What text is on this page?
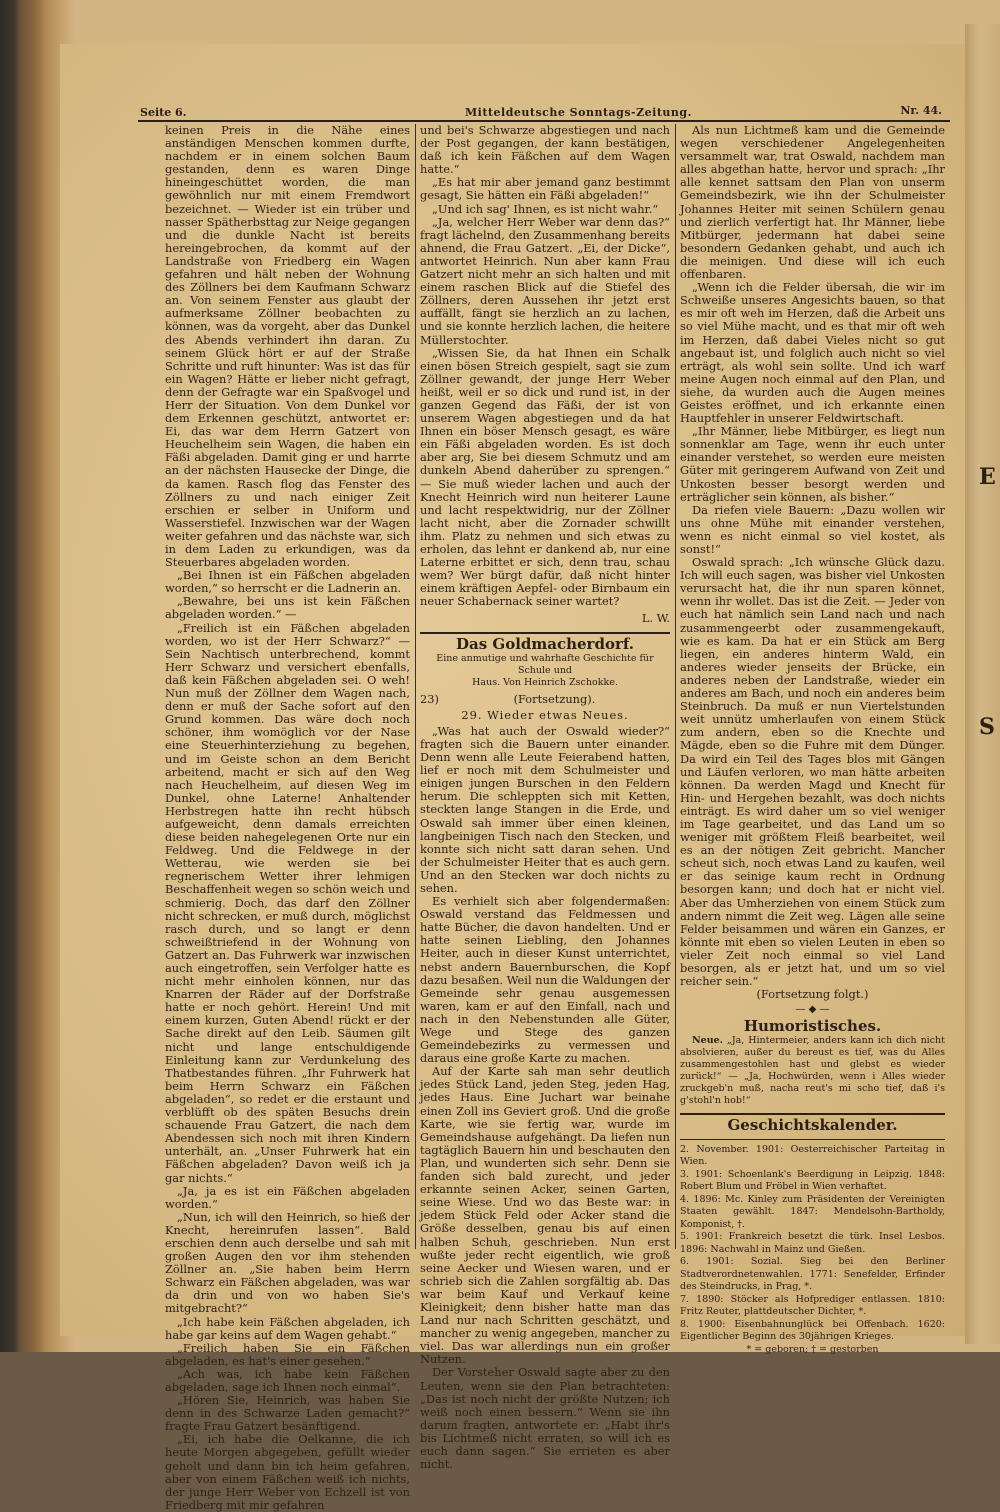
E
S
Seite 6.	Mitteldeutsche Sonntags-Zeitung.	Nr. 44.

keinen Preis in die Nähe eines anständigen Menschen kommen durfte, nachdem er in einem solchen Baum gestanden, denn es waren Dinge hineingeschüttet worden, die man gewöhnlich nur mit einem Fremdwort bezeichnet. — Wieder ist ein trüber und nasser Spätherbsttag zur Neige gegangen und die dunkle Nacht ist bereits hereingebrochen, da kommt auf der Landstraße von Friedberg ein Wagen gefahren und hält neben der Wohnung des Zöllners bei dem Kaufmann Schwarz an. Von seinem Fenster aus glaubt der aufmerksame Zöllner beobachten zu können, was da vorgeht, aber das Dunkel des Abends verhindert ihn daran. Zu seinem Glück hört er auf der Straße Schritte und ruft hinunter: Was ist das für ein Wagen? Hätte er lieber nicht gefragt, denn der Gefragte war ein Spaßvogel und Herr der Situation. Von dem Dunkel vor dem Erkennen geschützt, antwortet er: Ei, das war dem Herrn Gatzert von Heuchelheim sein Wagen, die haben ein Fäßi abgeladen. Damit ging er und harrte an der nächsten Hausecke der Dinge, die da kamen. Rasch flog das Fenster des Zöllners zu und nach einiger Zeit erschien er selber in Uniform und Wasserstiefel. Inzwischen war der Wagen weiter gefahren und das nächste war, sich in dem Laden zu erkundigen, was da Steuerbares abgeladen worden.

„Bei Ihnen ist ein Fäßchen abgeladen worden,“ so herrscht er die Ladnerin an.

„Bewahre, bei uns ist kein Fäßchen abgeladen worden.“ —

„Freilich ist ein Fäßchen abgeladen worden, wo ist der Herr Schwarz?“ — Sein Nachtisch unterbrechend, kommt Herr Schwarz und versichert ebenfalls, daß kein Fäßchen abgeladen sei. O weh! Nun muß der Zöllner dem Wagen nach, denn er muß der Sache sofort auf den Grund kommen. Das wäre doch noch schöner, ihm womöglich vor der Nase eine Steuerhinterziehung zu begehen, und im Geiste schon an dem Bericht arbeitend, macht er sich auf den Weg nach Heuchelheim, auf diesen Weg im Dunkel, ohne Laterne! Anhaltender Herbstregen hatte ihn recht hübsch aufgeweicht, denn damals erreichten diese beiden nahegelegenen Orte nur ein Feldweg. Und die Feldwege in der Wetterau, wie werden sie bei regnerischem Wetter ihrer lehmigen Beschaffenheit wegen so schön weich und schmierig. Doch, das darf den Zöllner nicht schrecken, er muß durch, möglichst rasch durch, und so langt er denn schweißtriefend in der Wohnung von Gatzert an. Das Fuhrwerk war inzwischen auch eingetroffen, sein Verfolger hatte es nicht mehr einholen können, nur das Knarren der Räder auf der Dorfstraße hatte er noch gehört. Herein! Und mit einem kurzen, Guten Abend! rückt er der Sache direkt auf den Leib. Säumen gilt nicht und lange entschuldigende Einleitung kann zur Verdunkelung des Thatbestandes führen. „Ihr Fuhrwerk hat beim Herrn Schwarz ein Fäßchen abgeladen“, so redet er die erstaunt und verblüfft ob des späten Besuchs drein schauende Frau Gatzert, die nach dem Abendessen sich noch mit ihren Kindern unterhält, an. „Unser Fuhrwerk hat ein Fäßchen abgeladen? Davon weiß ich ja gar nichts.“

„Ja, ja es ist ein Fäßchen abgeladen worden.“

„Nun, ich will den Heinrich, so hieß der Knecht, hereinrufen lassen“. Bald erschien denn auch derselbe und sah mit großen Augen den vor ihm stehenden Zöllner an. „Sie haben beim Herrn Schwarz ein Fäßchen abgeladen, was war da drin und von wo haben Sie's mitgebracht?“

„Ich habe kein Fäßchen abgeladen, ich habe gar keins auf dem Wagen gehabt.“

„Freilich haben Sie ein Fäßchen abgeladen, es hat's einer gesehen.“

„Ach was, ich habe kein Fäßchen abgeladen, sage ich Ihnen noch einmal“.

„Hören Sie, Heinrich, was haben Sie denn in des Schwarze Laden gemacht?“ fragte Frau Gatzert besänftigend.

„Ei, ich habe die Oelkanne, die ich heute Morgen abgegeben, gefüllt wieder geholt und dann bin ich heim gefahren, aber von einem Fäßchen weiß ich nichts, der junge Herr Weber von Echzell ist von Friedberg mit mir gefahren

und bei's Schwarze abgestiegen und nach der Post gegangen, der kann bestätigen, daß ich kein Fäßchen auf dem Wagen hatte.“

„Es hat mir aber jemand ganz bestimmt gesagt, Sie hätten ein Fäßi abgeladen!“

„Und ich sag' Ihnen, es ist nicht wahr.“

„Ja, welcher Herr Weber war denn das?“ fragt lächelnd, den Zusammenhang bereits ahnend, die Frau Gatzert. „Ei, der Dicke“, antwortet Heinrich. Nun aber kann Frau Gatzert nicht mehr an sich halten und mit einem raschen Blick auf die Stiefel des Zöllners, deren Aussehen ihr jetzt erst auffällt, fängt sie herzlich an zu lachen, und sie konnte herzlich lachen, die heitere Müllerstochter.

„Wissen Sie, da hat Ihnen ein Schalk einen bösen Streich gespielt, sagt sie zum Zöllner gewandt, der junge Herr Weber heißt, weil er so dick und rund ist, in der ganzen Gegend das Fäßi, der ist von unserem Wagen abgestiegen und da hat Ihnen ein böser Mensch gesagt, es wäre ein Fäßi abgeladen worden. Es ist doch aber arg, Sie bei diesem Schmutz und am dunkeln Abend daherüber zu sprengen.“ — Sie muß wieder lachen und auch der Knecht Heinrich wird nun heiterer Laune und lacht respektwidrig, nur der Zöllner lacht nicht, aber die Zornader schwillt ihm. Platz zu nehmen und sich etwas zu erholen, das lehnt er dankend ab, nur eine Laterne erbittet er sich, denn trau, schau wem? Wer bürgt dafür, daß nicht hinter einem kräftigen Aepfel- oder Birnbaum ein neuer Schabernack seiner wartet?

L. W.
Das Goldmacherdorf.
Eine anmutige und wahrhafte Geschichte für Schule und
Haus. Von Heinrich Zschokke.
23)	(Fortsetzung).
29. Wieder etwas Neues.

„Was hat auch der Oswald wieder?“ fragten sich die Bauern unter einander. Denn wenn alle Leute Feierabend hatten, lief er noch mit dem Schulmeister und einigen jungen Burschen in den Feldern herum. Die schleppten sich mit Ketten, steckten lange Stangen in die Erde, und Oswald sah immer über einen kleinen, langbeinigen Tisch nach den Stecken, und konnte sich nicht satt daran sehen. Und der Schulmeister Heiter that es auch gern. Und an den Stecken war doch nichts zu sehen.

Es verhielt sich aber folgendermaßen: Oswald verstand das Feldmessen und hatte Bücher, die davon handelten. Und er hatte seinen Liebling, den Johannes Heiter, auch in dieser Kunst unterrichtet, nebst andern Bauernburschen, die Kopf dazu besaßen. Weil nun die Waldungen der Gemeinde sehr genau ausgemessen waren, kam er auf den Einfall, nach und nach in den Nebenstunden alle Güter, Wege und Stege des ganzen Gemeindebezirks zu vermessen und daraus eine große Karte zu machen.

Auf der Karte sah man sehr deutlich jedes Stück Land, jeden Steg, jeden Hag, jedes Haus. Eine Juchart war beinahe einen Zoll ins Geviert groß. Und die große Karte, wie sie fertig war, wurde im Gemeindshause aufgehängt. Da liefen nun tagtäglich Bauern hin und beschauten den Plan, und wunderten sich sehr. Denn sie fanden sich bald zurecht, und jeder erkannte seinen Acker, seinen Garten, seine Wiese. Und wo das Beste war: in jedem Stück Feld oder Acker stand die Größe desselben, genau bis auf einen halben Schuh, geschrieben. Nun erst wußte jeder recht eigentlich, wie groß seine Aecker und Wiesen waren, und er schrieb sich die Zahlen sorgfältig ab. Das war beim Kauf und Verkauf keine Kleinigkeit; denn bisher hatte man das Land nur nach Schritten geschätzt, und mancher zu wenig angegeben, mancher zu viel. Das war allerdings nun ein großer Nutzen.

Der Vorsteher Oswald sagte aber zu den Leuten, wenn sie den Plan betrachteten: „Das ist noch nicht der größte Nutzen; ich weiß noch einen bessern.“ Wenn sie ihn darum fragten, antwortete er: „Habt ihr's bis Lichtmeß nicht erraten, so will ich es euch dann sagen.“ Sie errieten es aber nicht.

Als nun Lichtmeß kam und die Gemeinde wegen verschiedener Angelegenheiten versammelt war, trat Oswald, nachdem man alles abgethan hatte, hervor und sprach: „Ihr alle kennet sattsam den Plan von unserm Gemeindsbezirk, wie ihn der Schulmeister Johannes Heiter mit seinen Schülern genau und zierlich verfertigt hat. Ihr Männer, liebe Mitbürger, jedermann hat dabei seine besondern Gedanken gehabt, und auch ich die meinigen. Und diese will ich euch offenbaren.

„Wenn ich die Felder übersah, die wir im Schweiße unseres Angesichts bauen, so that es mir oft weh im Herzen, daß die Arbeit uns so viel Mühe macht, und es that mir oft weh im Herzen, daß dabei Vieles nicht so gut angebaut ist, und folglich auch nicht so viel erträgt, als wohl sein sollte. Und ich warf meine Augen noch einmal auf den Plan, und siehe, da wurden auch die Augen meines Geistes eröffnet, und ich erkannte einen Hauptfehler in unserer Feldwirtschaft.

„Ihr Männer, liebe Mitbürger, es liegt nun sonnenklar am Tage, wenn ihr euch unter einander verstehet, so werden eure meisten Güter mit geringerem Aufwand von Zeit und Unkosten besser besorgt werden und erträglicher sein können, als bisher.“

Da riefen viele Bauern: „Dazu wollen wir uns ohne Mühe mit einander verstehen, wenn es nicht einmal so viel kostet, als sonst!“

Oswald sprach: „Ich wünsche Glück dazu. Ich will euch sagen, was bisher viel Unkosten verursacht hat, die ihr nun sparen könnet, wenn ihr wollet. Das ist die Zeit. — Jeder von euch hat nämlich sein Land nach und nach zusammengeerbt oder zusammengekauft, wie es kam. Da hat er ein Stück am Berg liegen, ein anderes hinterm Wald, ein anderes wieder jenseits der Brücke, ein anderes neben der Landstraße, wieder ein anderes am Bach, und noch ein anderes beim Steinbruch. Da muß er nun Viertelstunden weit unnütz umherlaufen von einem Stück zum andern, eben so die Knechte und Mägde, eben so die Fuhre mit dem Dünger. Da wird ein Teil des Tages blos mit Gängen und Läufen verloren, wo man hätte arbeiten können. Da werden Magd und Knecht für Hin- und Hergehen bezahlt, was doch nichts einträgt. Es wird daher um so viel weniger im Tage gearbeitet, und das Land um so weniger mit größtem Fleiß bearbeitet, weil es an der nötigen Zeit gebricht. Mancher scheut sich, noch etwas Land zu kaufen, weil er das seinige kaum recht in Ordnung besorgen kann; und doch hat er nicht viel. Aber das Umherziehen von einem Stück zum andern nimmt die Zeit weg. Lägen alle seine Felder beisammen und wären ein Ganzes, er könnte mit eben so vielen Leuten in eben so vieler Zeit noch einmal so viel Land besorgen, als er jetzt hat, und um so viel reicher sein.“

(Fortsetzung folgt.)
— ◆ —
Humoristisches.

Neue. „Ja, Hintermeier, anders kann ich dich nicht absolvieren, außer du bereust es tief, was du Alles zusammengestohlen hast und glebst es wieder zurück!“ — „Ja, Hochwürden, wenn i Alles wieder zruckgeb'n muß, nacha reut's mi scho tief, daß i's g'stohl'n hob!“

Geschichtskalender.

2. November. 1901: Oesterreichischer Parteitag in Wien.

3. 1901: Schoenlank's Beerdigung in Leipzig. 1848: Robert Blum und Fröbel in Wien verhaftet.

4. 1896: Mc. Kinley zum Präsidenten der Vereinigten Staaten gewählt. 1847: Mendelsohn-Bartholdy, Komponist, †.

5. 1901: Frankreich besetzt die türk. Insel Lesbos. 1896: Nachwahl in Mainz und Gießen.

6. 1901: Sozial. Sieg bei den Berliner Stadtverordnetenwahlen. 1771: Senefelder, Erfinder des Steindrucks, in Prag, *.

7. 1890: Stöcker als Hofprediger entlassen. 1810: Fritz Reuter, plattdeutscher Dichter, *.

8. 1900: Eisenbahnunglück bei Offenbach. 1620: Eigentlicher Beginn des 30jährigen Krieges.

* = geboren; † = gestorben
